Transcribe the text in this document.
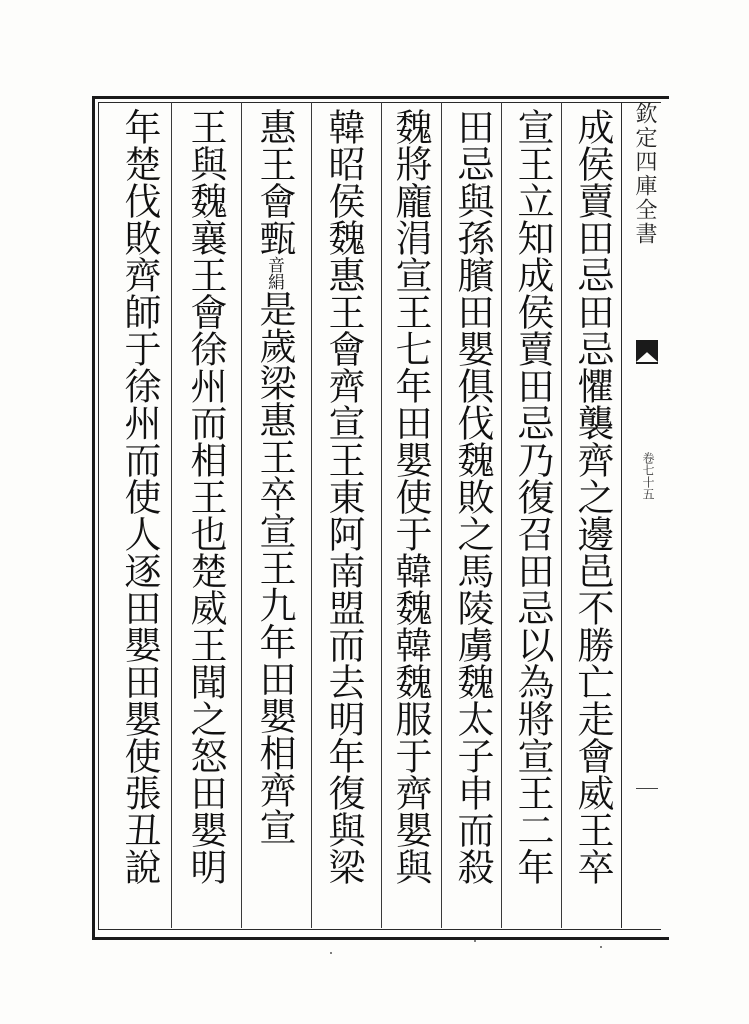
欽定四庫全書
卷七十五
成侯賣田忌田忌懼襲齊之邊邑不勝亡走會威王卒
宣王立知成侯賣田忌乃復召田忌以為將宣王二年
田忌與孫臏田嬰俱伐魏敗之馬陵虜魏太子申而殺
魏將龐涓宣王七年田嬰使于韓魏韓魏服于齊嬰與
韓昭侯魏惠王會齊宣王東阿南盟而去明年復與梁
惠王會甄音絹是歲梁惠王卒宣王九年田嬰相齊宣
王與魏襄王會徐州而相王也楚威王聞之怒田嬰明
年楚伐敗齊師于徐州而使人逐田嬰田嬰使張丑說
